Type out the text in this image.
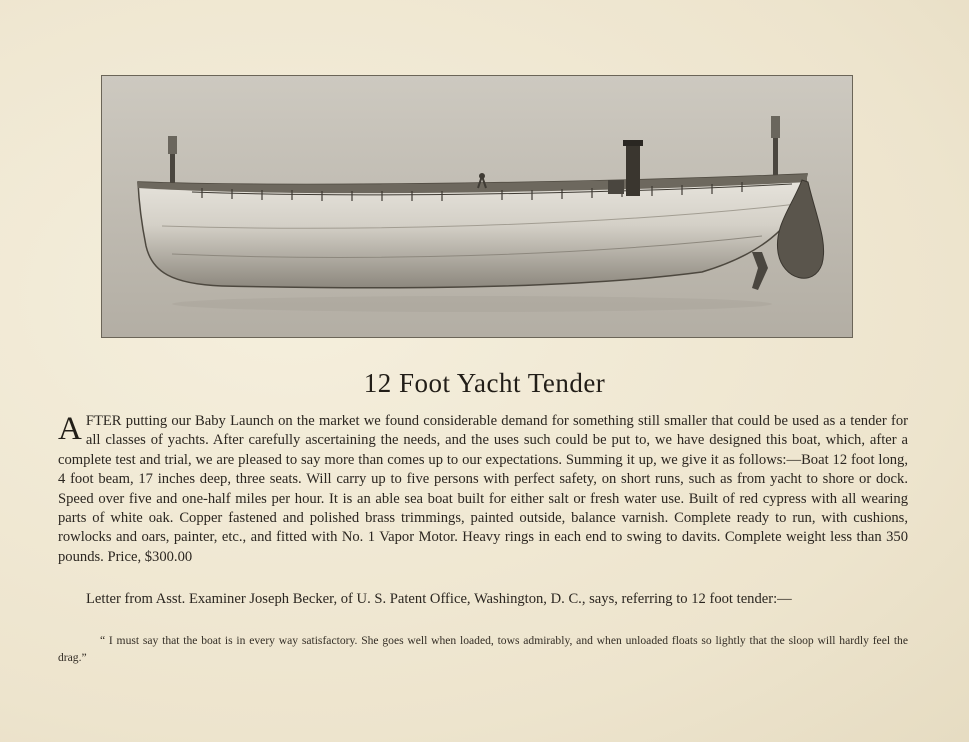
12 Foot Yacht Tender

AFTER putting our Baby Launch on the market we found considerable demand for something still smaller that could be used as a tender for all classes of yachts. After carefully ascertaining the needs, and the uses such could be put to, we have designed this boat, which, after a complete test and trial, we are pleased to say more than comes up to our expectations. Summing it up, we give it as follows:—Boat 12 foot long, 4 foot beam, 17 inches deep, three seats. Will carry up to five persons with perfect safety, on short runs, such as from yacht to shore or dock. Speed over five and one-half miles per hour. It is an able sea boat built for either salt or fresh water use. Built of red cypress with all wearing parts of white oak. Copper fastened and polished brass trimmings, painted outside, balance varnish. Complete ready to run, with cushions, rowlocks and oars, painter, etc., and fitted with No. 1 Vapor Motor. Heavy rings in each end to swing to davits. Complete weight less than 350 pounds. Price, $300.00

Letter from Asst. Examiner Joseph Becker, of U. S. Patent Office, Washington, D. C., says, referring to 12 foot tender:—

“ I must say that the boat is in every way satisfactory. She goes well when loaded, tows admirably, and when unloaded floats so lightly that the sloop will hardly feel the drag.”
